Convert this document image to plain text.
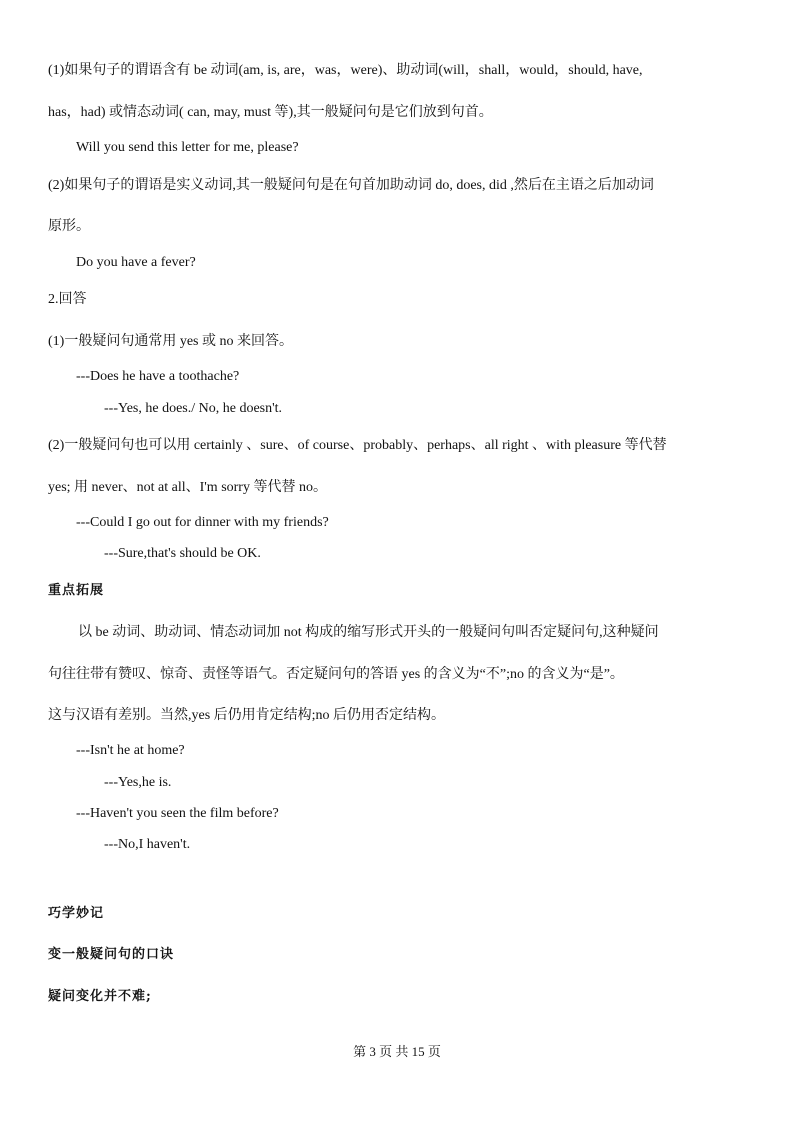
(1)如果句子的谓语含有 be 动词(am, is, are，was，were)、助动词(will，shall，would，should, have,
has，had) 或情态动词( can, may, must 等),其一般疑问句是它们放到句首。
Will you send this letter for me, please?
(2)如果句子的谓语是实义动词,其一般疑问句是在句首加助动词 do, does, did ,然后在主语之后加动词
原形。
Do you have a fever?
2.回答
(1)一般疑问句通常用 yes 或 no 来回答。
---Does he have a toothache?
---Yes, he does./ No, he doesn't.
(2)一般疑问句也可以用 certainly 、sure、of course、probably、perhaps、all right 、with pleasure 等代替
yes; 用 never、not at all、I'm sorry 等代替 no。
---Could I go out for dinner with my friends?
---Sure,that's should be OK.
重点拓展
以 be 动词、助动词、情态动词加 not 构成的缩写形式开头的一般疑问句叫否定疑问句,这种疑问
句往往带有赞叹、惊奇、责怪等语气。否定疑问句的答语 yes 的含义为“不”;no 的含义为“是”。
这与汉语有差别。当然,yes 后仍用肯定结构;no 后仍用否定结构。
---Isn't he at home?
---Yes,he is.
---Haven't you seen the film before?
---No,I haven't.
巧学妙记
变一般疑问句的口诀
疑问变化并不难;
第 3 页 共 15 页
